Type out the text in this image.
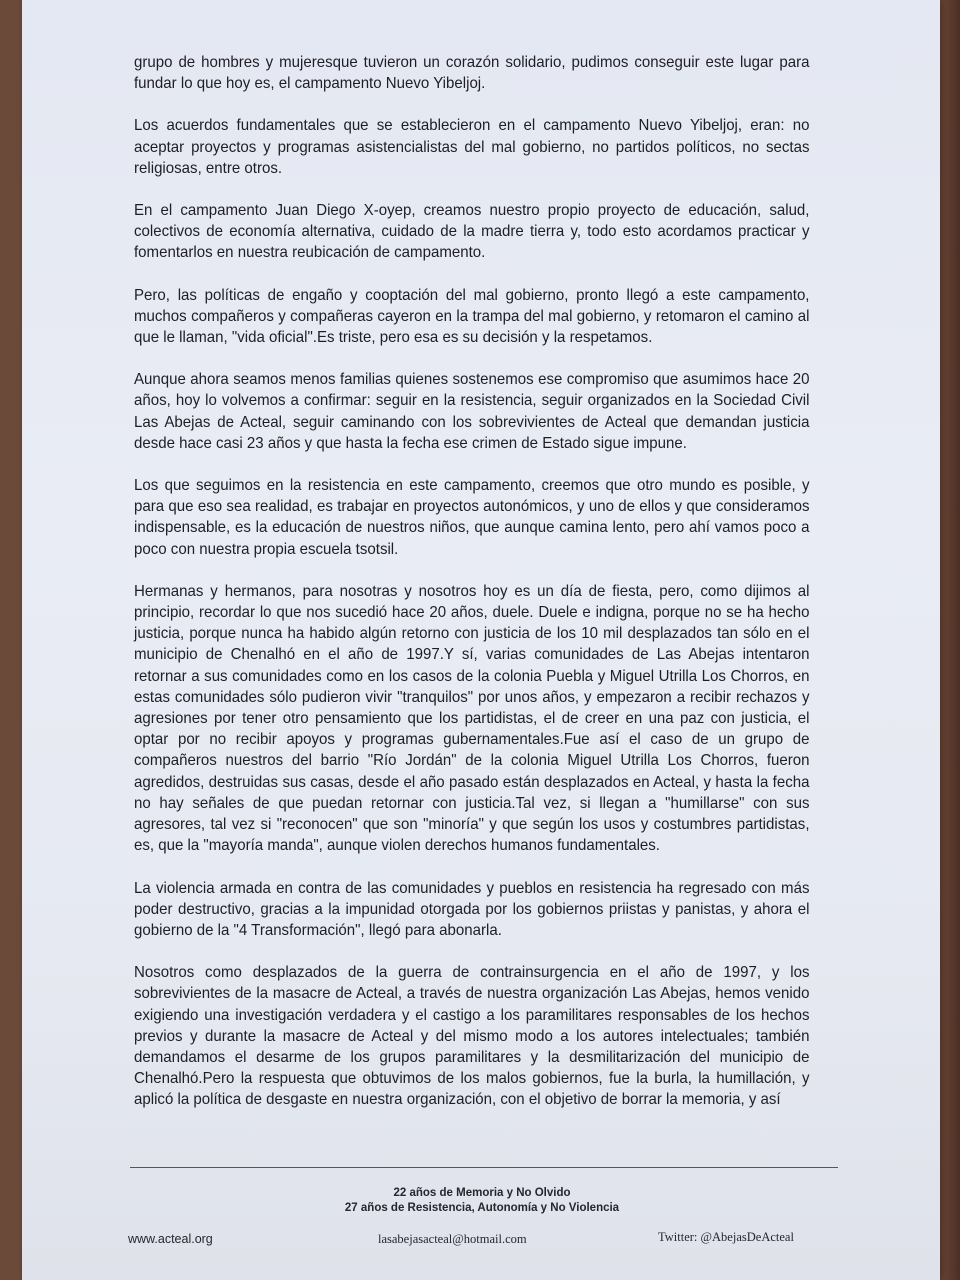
grupo de hombres y mujeresque tuvieron un corazón solidario, pudimos conseguir este lugar para fundar lo que hoy es, el campamento Nuevo Yibeljoj.

Los acuerdos fundamentales que se establecieron en el campamento Nuevo Yibeljoj, eran: no aceptar proyectos y programas asistencialistas del mal gobierno, no partidos políticos, no sectas religiosas, entre otros.

En el campamento Juan Diego X-oyep, creamos nuestro propio proyecto de educación, salud, colectivos de economía alternativa, cuidado de la madre tierra y, todo esto acordamos practicar y fomentarlos en nuestra reubicación de campamento.

Pero, las políticas de engaño y cooptación del mal gobierno, pronto llegó a este campamento, muchos compañeros y compañeras cayeron en la trampa del mal gobierno, y retomaron el camino al que le llaman, "vida oficial".Es triste, pero esa es su decisión y la respetamos.

Aunque ahora seamos menos familias quienes sostenemos ese compromiso que asumimos hace 20 años, hoy lo volvemos a confirmar: seguir en la resistencia, seguir organizados en la Sociedad Civil Las Abejas de Acteal, seguir caminando con los sobrevivientes de Acteal que demandan justicia desde hace casi 23 años y que hasta la fecha ese crimen de Estado sigue impune.

Los que seguimos en la resistencia en este campamento, creemos que otro mundo es posible, y para que eso sea realidad, es trabajar en proyectos autonómicos, y uno de ellos y que consideramos indispensable, es la educación de nuestros niños, que aunque camina lento, pero ahí vamos poco a poco con nuestra propia escuela tsotsil.

Hermanas y hermanos, para nosotras y nosotros hoy es un día de fiesta, pero, como dijimos al principio, recordar lo que nos sucedió hace 20 años, duele. Duele e indigna, porque no se ha hecho justicia, porque nunca ha habido algún retorno con justicia de los 10 mil desplazados tan sólo en el municipio de Chenalhó en el año de 1997.Y sí, varias comunidades de Las Abejas intentaron retornar a sus comunidades como en los casos de la colonia Puebla y Miguel Utrilla Los Chorros, en estas comunidades sólo pudieron vivir "tranquilos" por unos años, y empezaron a recibir rechazos y agresiones por tener otro pensamiento que los partidistas, el de creer en una paz con justicia, el optar por no recibir apoyos y programas gubernamentales.Fue así el caso de un grupo de compañeros nuestros del barrio "Río Jordán" de la colonia Miguel Utrilla Los Chorros, fueron agredidos, destruidas sus casas, desde el año pasado están desplazados en Acteal, y hasta la fecha no hay señales de que puedan retornar con justicia.Tal vez, si llegan a "humillarse" con sus agresores, tal vez si "reconocen" que son "minoría" y que según los usos y costumbres partidistas, es, que la "mayoría manda", aunque violen derechos humanos fundamentales.

La violencia armada en contra de las comunidades y pueblos en resistencia ha regresado con más poder destructivo, gracias a la impunidad otorgada por los gobiernos priistas y panistas, y ahora el gobierno de la "4 Transformación", llegó para abonarla.

Nosotros como desplazados de la guerra de contrainsurgencia en el año de 1997, y los sobrevivientes de la masacre de Acteal, a través de nuestra organización Las Abejas, hemos venido exigiendo una investigación verdadera y el castigo a los paramilitares responsables de los hechos previos y durante la masacre de Acteal y del mismo modo a los autores intelectuales; también demandamos el desarme de los grupos paramilitares y la desmilitarización del municipio de Chenalhó.Pero la respuesta que obtuvimos de los malos gobiernos, fue la burla, la humillación, y aplicó la política de desgaste en nuestra organización, con el objetivo de borrar la memoria, y así

22 años de Memoria y No Olvido
27 años de Resistencia, Autonomía y No Violencia
www.acteal.org	lasabejasacteal@hotmail.com	Twitter: @AbejasDeActeal
